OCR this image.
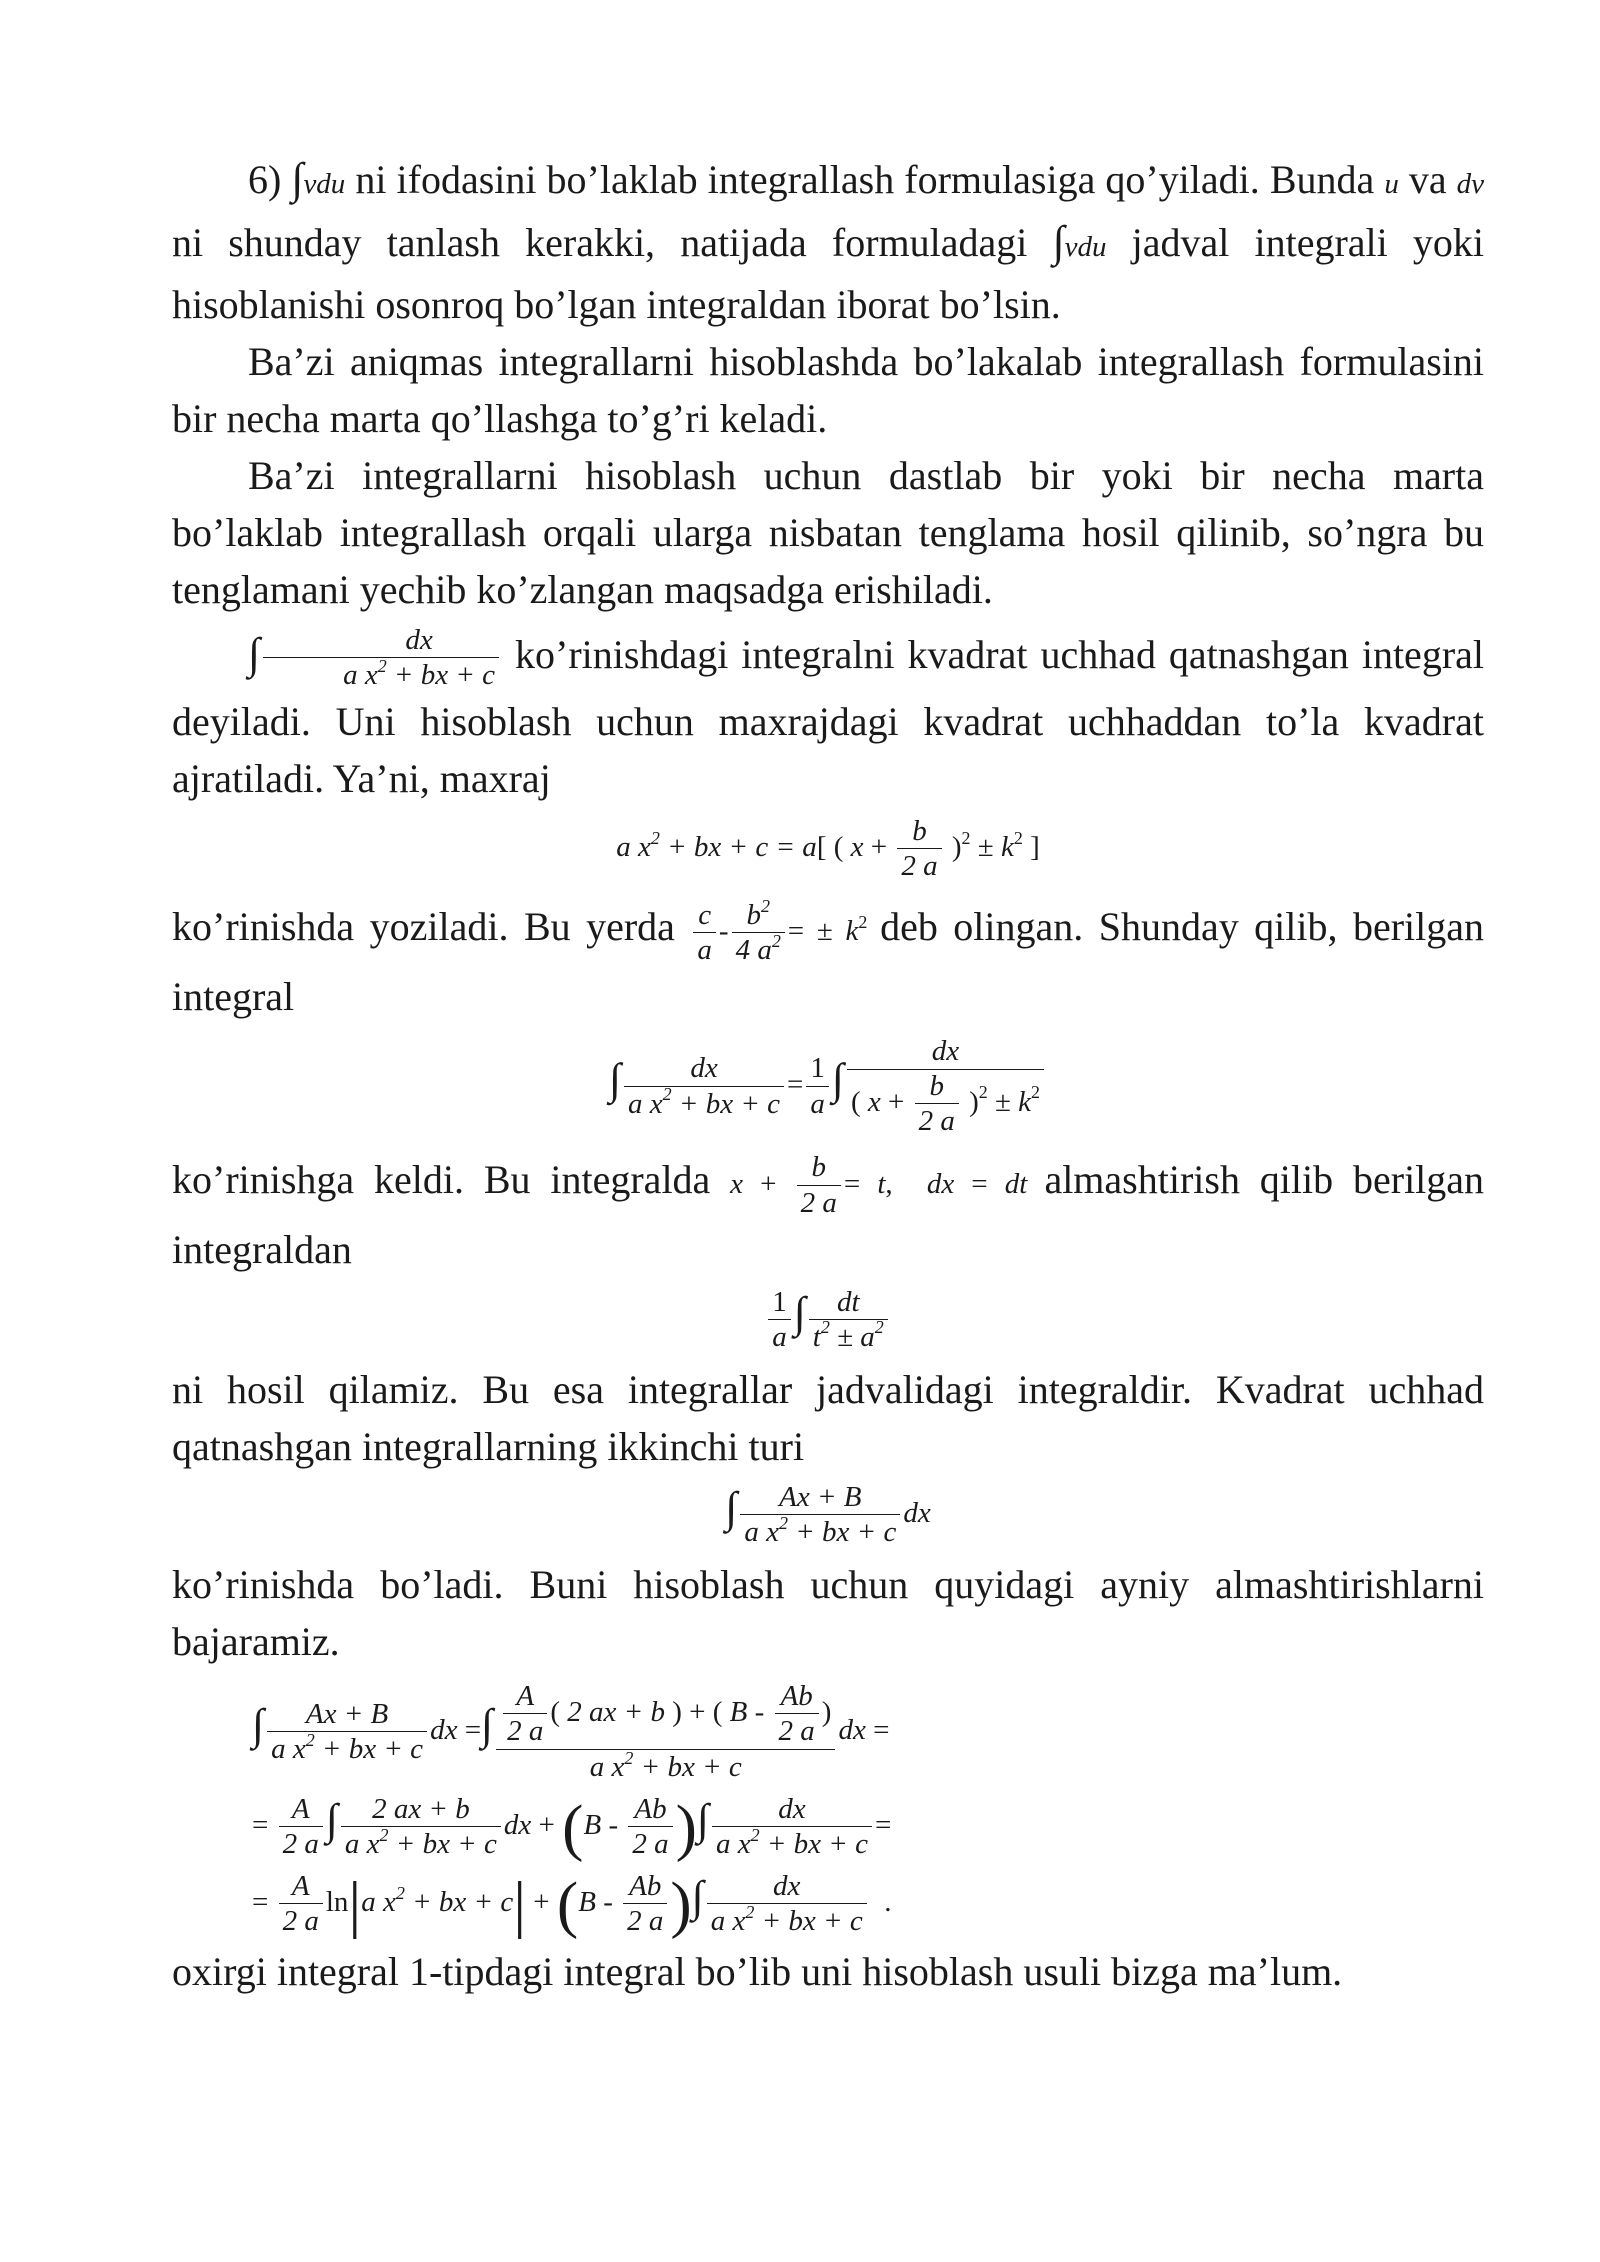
6) ∫vdu ni ifodasini bo’laklab integrallash formulasiga qo’yiladi. Bunda u va dv ni shunday tanlash kerakki, natijada formuladagi ∫vdu jadval integrali yoki hisoblanishi osonroq bo’lgan integraldan iborat bo’lsin.

Ba’zi aniqmas integrallarni hisoblashda bo’lakalab integrallash formulasini bir necha marta qo’llashga to’g’ri keladi.

Ba’zi integrallarni hisoblash uchun dastlab bir yoki bir necha marta bo’laklab integrallash orqali ularga nisbatan tenglama hosil qilinib, so’ngra bu tenglamani yechib ko’zlangan maqsadga erishiladi.

∫ $\frac{dx}{a x^2 + bx + c}$ ko’rinishdagi integralni kvadrat uchhad qatnashgan integral deyiladi. Uni hisoblash uchun maxrajdagi kvadrat uchhaddan to’la kvadrat ajratiladi. Ya’ni, maxraj

a $x^2$ + bx + c = a[ ( $x + \frac{b}{2 a} )^2 \pm k^2$ ]

ko’rinishda yoziladi. Bu yerda $\frac{c}{a} - \frac{b^2}{4 a^2}$ = ± $k^2$ deb olingan. Shunday qilib, berilgan integral

∫ $\frac{dx}{a x^2 + bx + c} = \frac{1}{a}$ ∫ $\frac{dx}{( x + \frac{b}{2 a} )^2 \pm k^2}$

ko’rinishga keldi. Bu integralda $x + \frac{b}{2 a} = t$,  dx = dt almashtirish qilib berilgan integraldan

$\frac{1}{a}$ ∫ $\frac{dt}{t^2 \pm a^2}$

ni hosil qilamiz. Bu esa integrallar jadvalidagi integraldir. Kvadrat uchhad qatnashgan integrallarning ikkinchi turi

∫ $\frac{Ax + B}{a x^2 + bx + c}$ dx

ko’rinishda bo’ladi. Buni hisoblash uchun quyidagi ayniy almashtirishlarni bajaramiz.

∫ $\frac{Ax + B}{a x^2 + bx + c}$ dx =∫ $\frac{\frac{A}{2 a} ( 2 ax + b ) + ( B - \frac{Ab}{2 a} )}{a x^2 + bx + c}$ dx =
= $\frac{A}{2 a}$ ∫ $\frac{2 ax + b}{a x^2 + bx + c}$ dx + ($B - \frac{Ab}{2 a}$ )∫ $\frac{dx}{a x^2 + bx + c}$ =
= $\frac{A}{2 a} \ln|a$ $x^2$ + bx + $c| + (B - \frac{Ab}{2 a}$ )∫ $\frac{dx}{a x^2 + bx + c}$ .

oxirgi integral 1-tipdagi integral bo’lib uni hisoblash usuli bizga ma’lum.
